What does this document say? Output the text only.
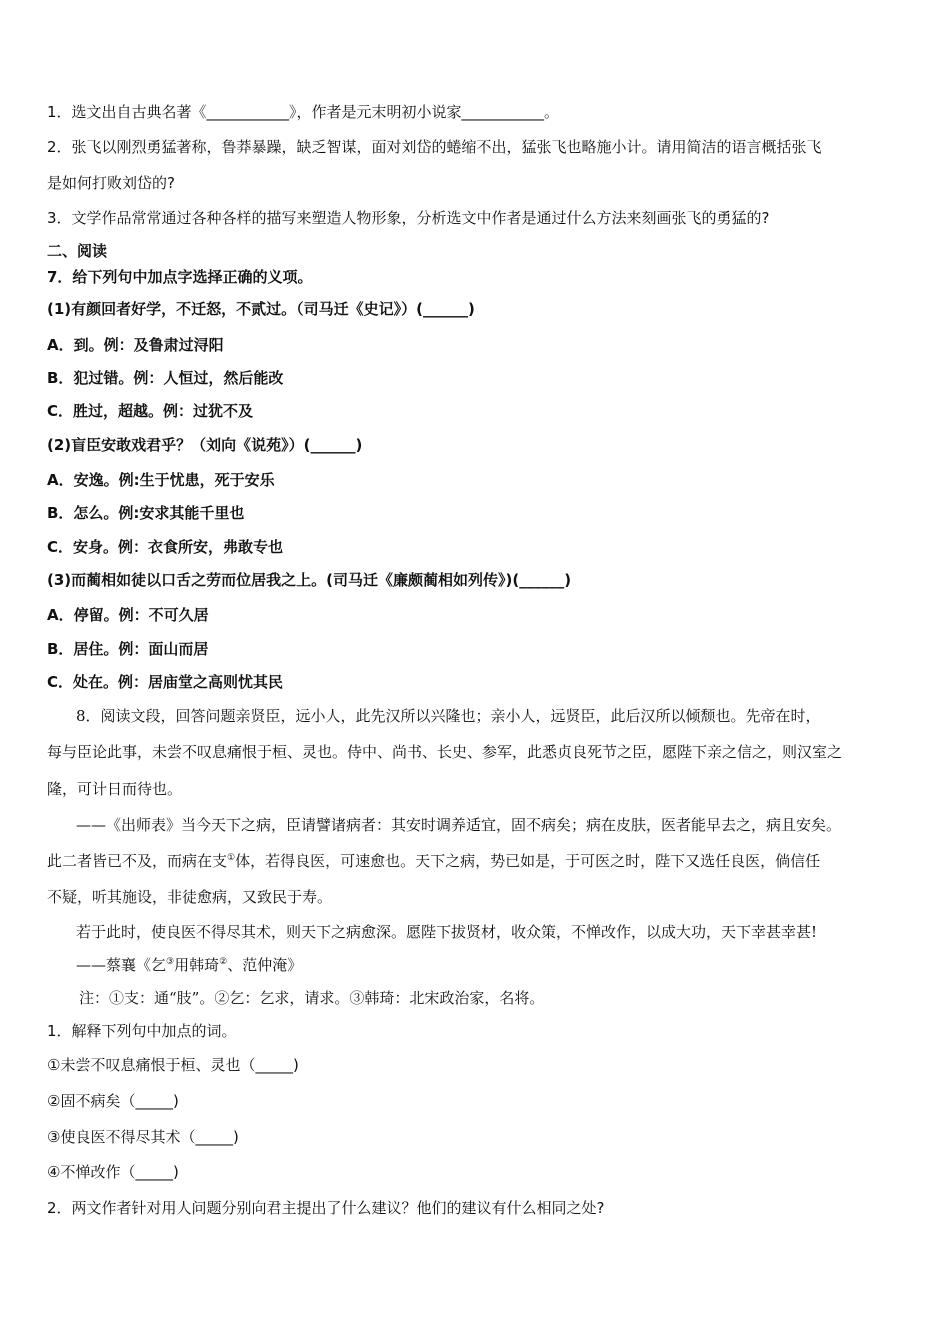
1．选文出自古典名著《___________》，作者是元末明初小说家___________。
2．张飞以刚烈勇猛著称，鲁莽暴躁，缺乏智谋，面对刘岱的蜷缩不出，猛张飞也略施小计。请用简洁的语言概括张飞
是如何打败刘岱的?
3．文学作品常常通过各种各样的描写来塑造人物形象，分析选文中作者是通过什么方法来刻画张飞的勇猛的?
二、阅读
7．给下列句中加点字选择正确的义项。
(1)有颜回者好学，不迁怒，不贰过。（司马迁《史记》）(______)
A．到。例：及鲁肃过浔阳
B．犯过错。例：人恒过，然后能改
C．胜过，超越。例：过犹不及
(2)盲臣安敢戏君乎？（刘向《说苑》）(______)
A．安逸。例:生于忧患，死于安乐
B．怎么。例:安求其能千里也
C．安身。例：衣食所安，弗敢专也
(3)而蔺相如徒以口舌之劳而位居我之上。(司马迁《廉颇蔺相如列传》)(______)
A．停留。例：不可久居
B．居住。例：面山而居
C．处在。例：居庙堂之高则忧其民
8．阅读文段，回答问题亲贤臣，远小人，此先汉所以兴隆也；亲小人，远贤臣，此后汉所以倾颓也。先帝在时，
每与臣论此事，未尝不叹息痛恨于桓、灵也。侍中、尚书、长史、参军，此悉贞良死节之臣，愿陛下亲之信之，则汉室之
隆，可计日而待也。
——《出师表》当今天下之病，臣请譬诸病者：其安时调养适宜，固不病矣；病在皮肤，医者能早去之，病且安矣。
此二者皆已不及，而病在支①体，若得良医，可速愈也。天下之病，势已如是，于可医之时，陛下又选任良医，倘信任
不疑，听其施设，非徒愈病，又致民于寿。
若于此时，使良医不得尽其术，则天下之病愈深。愿陛下拔贤材，收众策，不惮改作，以成大功，天下幸甚幸甚!
——蔡襄《乞③用韩琦②、范仲淹》
注：①支：通“肢”。②乞：乞求，请求。③韩琦：北宋政治家，名将。
1．解释下列句中加点的词。
①未尝不叹息痛恨于桓、灵也（_____)
②固不病矣（_____)
③使良医不得尽其术（_____)
④不惮改作（_____)
2．两文作者针对用人问题分别向君主提出了什么建议？他们的建议有什么相同之处?
